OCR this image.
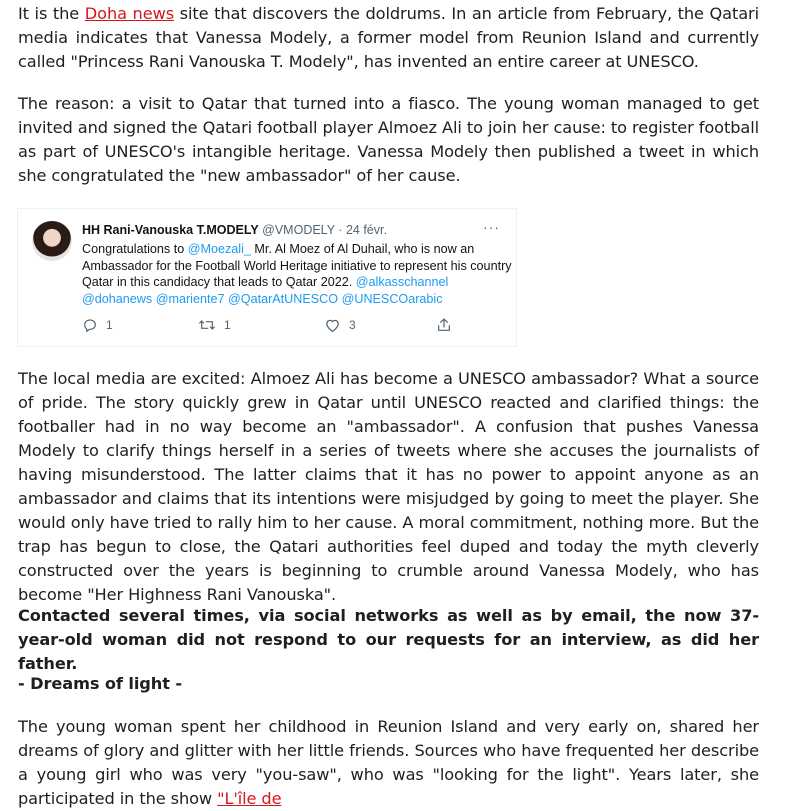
It is the Doha news site that discovers the doldrums. In an article from February, the Qatari media indicates that Vanessa Modely, a former model from Reunion Island and currently called "Princess Rani Vanouska T. Modely", has invented an entire career at UNESCO.

The reason: a visit to Qatar that turned into a fiasco. The young woman managed to get invited and signed the Qatari football player Almoez Ali to join her cause: to register football as part of UNESCO's intangible heritage. Vanessa Modely then published a tweet in which she congratulated the "new ambassador" of her cause.

The local media are excited: Almoez Ali has become a UNESCO ambassador? What a source of pride. The story quickly grew in Qatar until UNESCO reacted and clarified things: the footballer had in no way become an "ambassador". A confusion that pushes Vanessa Modely to clarify things herself in a series of tweets where she accuses the journalists of having misunderstood. The latter claims that it has no power to appoint anyone as an ambassador and claims that its intentions were misjudged by going to meet the player. She would only have tried to rally him to her cause. A moral commitment, nothing more. But the trap has begun to close, the Qatari authorities feel duped and today the myth cleverly constructed over the years is beginning to crumble around Vanessa Modely, who has become "Her Highness Rani Vanouska".

Contacted several times, via social networks as well as by email, the now 37-year-old woman did not respond to our requests for an interview, as did her father.

- Dreams of light -

The young woman spent her childhood in Reunion Island and very early on, shared her dreams of glory and glitter with her little friends. Sources who have frequented her describe a young girl who was very "you-saw", who was "looking for the light". Years later, she participated in the show "L'île de

HH Rani-Vanouska T.MODELY @VMODELY · 24 févr.	···
Congratulations to @Moezali_ Mr. Al Moez of Al Duhail, who is now an Ambassador for the Football World Heritage initiative to represent his country Qatar in this candidacy that leads to Qatar 2022. @alkasschannel @dohanews @mariente7 @QatarAtUNESCO @UNESCOarabic
1	1	3
